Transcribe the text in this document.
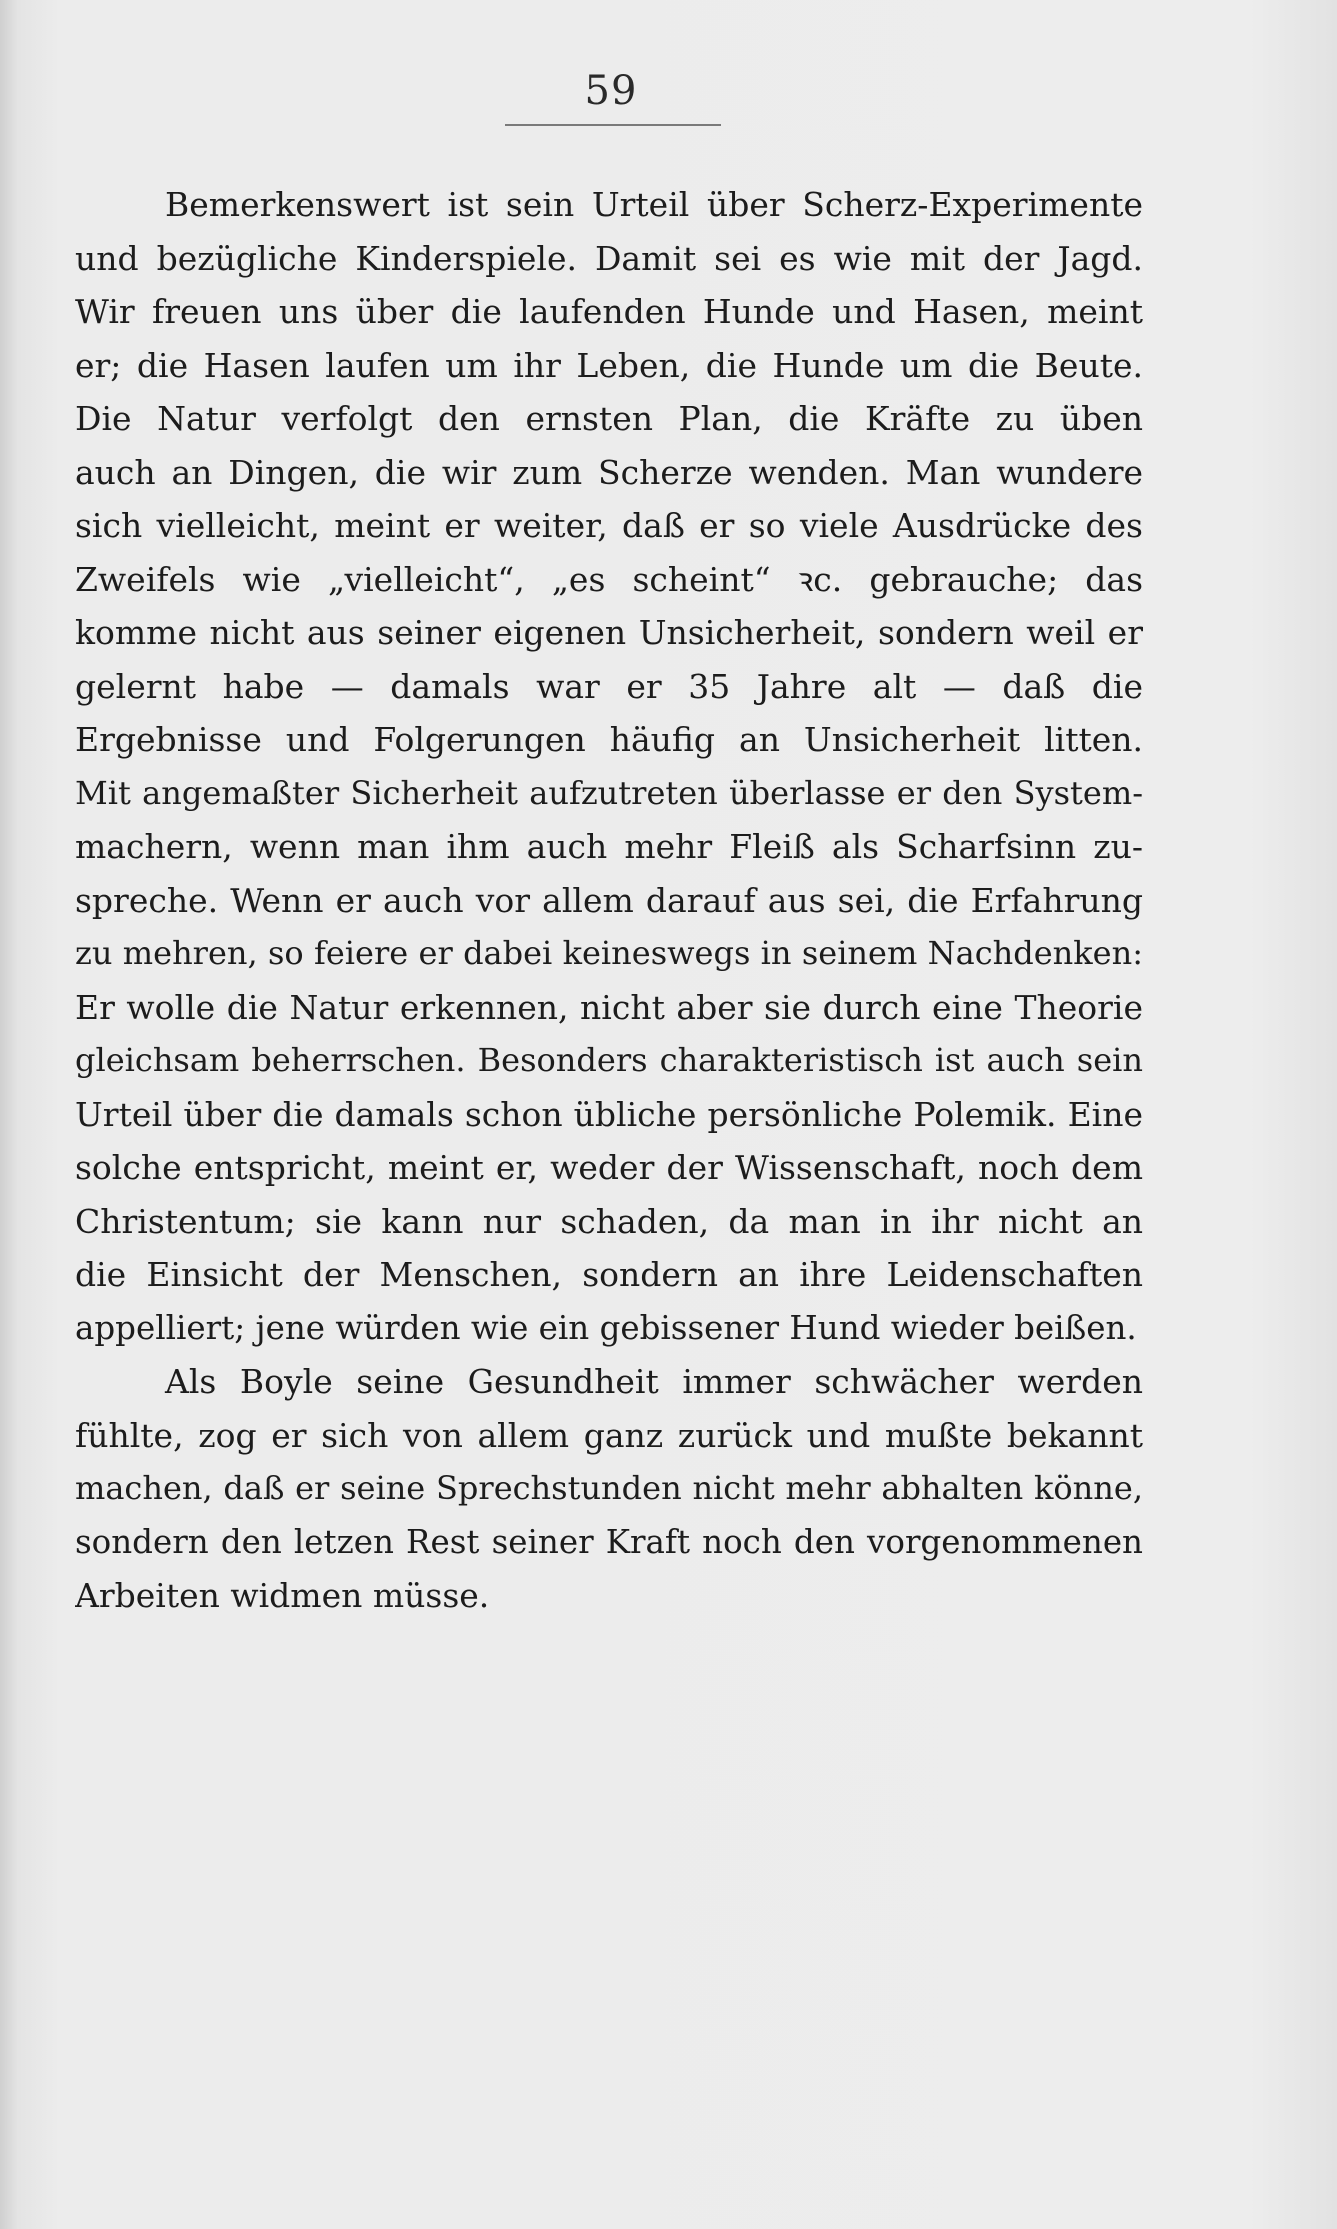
59
Bemerkenswert ist sein Urteil über Scherz-Experimente
und bezügliche Kinderspiele. Damit sei es wie mit der Jagd.
Wir freuen uns über die laufenden Hunde und Hasen, meint
er; die Hasen laufen um ihr Leben, die Hunde um die Beute.
Die Natur verfolgt den ernsten Plan, die Kräfte zu üben
auch an Dingen, die wir zum Scherze wenden. Man wundere
sich vielleicht, meint er weiter, daß er so viele Ausdrücke des
Zweifels wie „vielleicht“, „es scheint“ ꝛc. gebrauche; das
komme nicht aus seiner eigenen Unsicherheit, sondern weil er
gelernt habe — damals war er 35 Jahre alt — daß die
Ergebnisse und Folgerungen häufig an Unsicherheit litten.
Mit angemaßter Sicherheit aufzutreten überlasse er den System-
machern, wenn man ihm auch mehr Fleiß als Scharfsinn zu-
spreche. Wenn er auch vor allem darauf aus sei, die Erfahrung
zu mehren, so feiere er dabei keineswegs in seinem Nachdenken:
Er wolle die Natur erkennen, nicht aber sie durch eine Theorie
gleichsam beherrschen. Besonders charakteristisch ist auch sein
Urteil über die damals schon übliche persönliche Polemik. Eine
solche entspricht, meint er, weder der Wissenschaft, noch dem
Christentum; sie kann nur schaden, da man in ihr nicht an
die Einsicht der Menschen, sondern an ihre Leidenschaften
appelliert; jene würden wie ein gebissener Hund wieder beißen.
Als Boyle seine Gesundheit immer schwächer werden
fühlte, zog er sich von allem ganz zurück und mußte bekannt
machen, daß er seine Sprechstunden nicht mehr abhalten könne,
sondern den letzen Rest seiner Kraft noch den vorgenommenen
Arbeiten widmen müsse.
